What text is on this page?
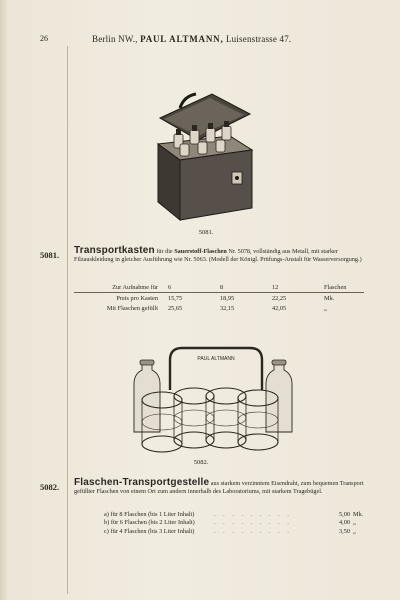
26	Berlin NW., PAUL ALTMANN, Luisenstrasse 47.
5081.
5081. Transportkasten für die Sauerstoff-Flaschen Nr. 5078, vollständig aus Metall, mit starker Filzauskleidung in gleicher Ausführung wie Nr. 5063. (Modell der Königl. Prüfungs-Anstalt für Wasserversorgung.)
Zur Aufnahme für	6	8	12	Flaschen
Preis pro Kasten	15,75	18,95	22,25	Mk.
Mit Flaschen gefüllt	25,65	32,15	42,05	„
PAUL ALTMANN
5082.
5082. Flaschen-Transportgestelle aus starkem verzinntem Eisendraht, zum bequemen Transport gefüllter Flaschen von einem Ort zum andern innerhalb des Laboratoriums, mit starkem Tragebügel.
a) für 8 Flaschen (bis 1 Liter Inhalt)	. . . . . . . . .	5,00 Mk.
b) für 6 Flaschen (bis 2 Liter Inhalt)	. . . . . . . . .	4,00 „
c) für 4 Flaschen (bis 3 Liter Inhalt)	. . . . . . . . .	3,50 „
